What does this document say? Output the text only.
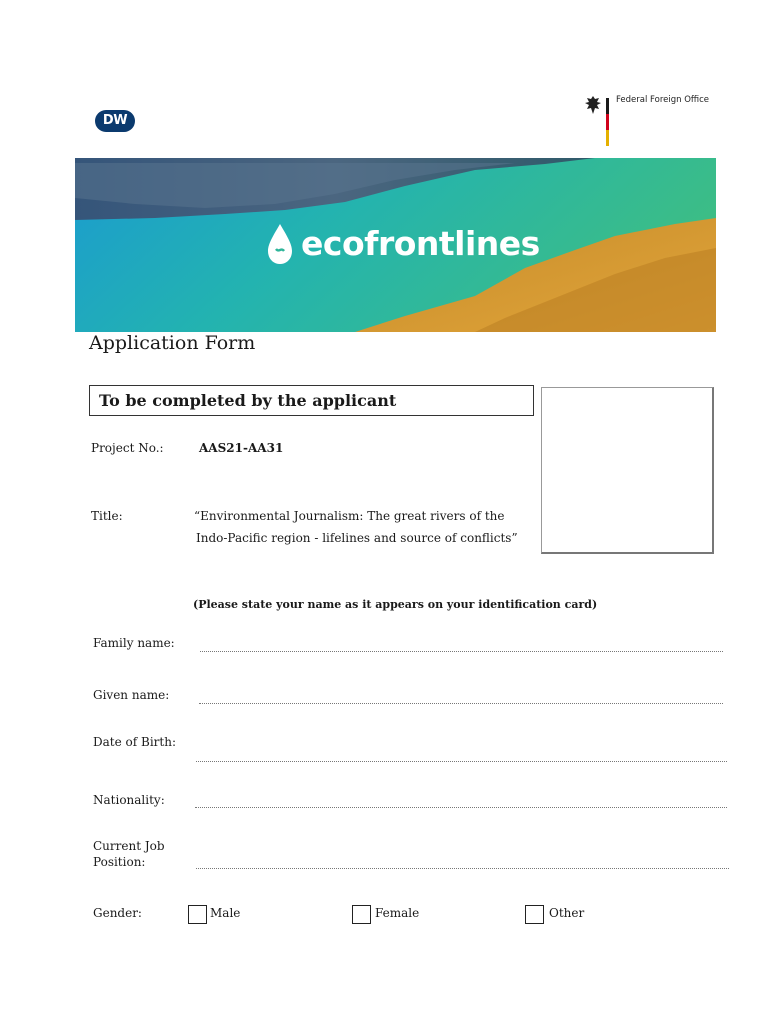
DW
Federal Foreign Office
ecofrontlines
Application Form
To be completed by the applicant
Project No.:	AAS21-AA31
Title:	“Environmental Journalism: The great rivers of the
Indo-Pacific region - lifelines and source of conflicts”
(Please state your name as it appears on your identification card)
Family name:
Given name:
Date of Birth:
Nationality:
Current Job
Position:
Gender:	Male	Female	Other
